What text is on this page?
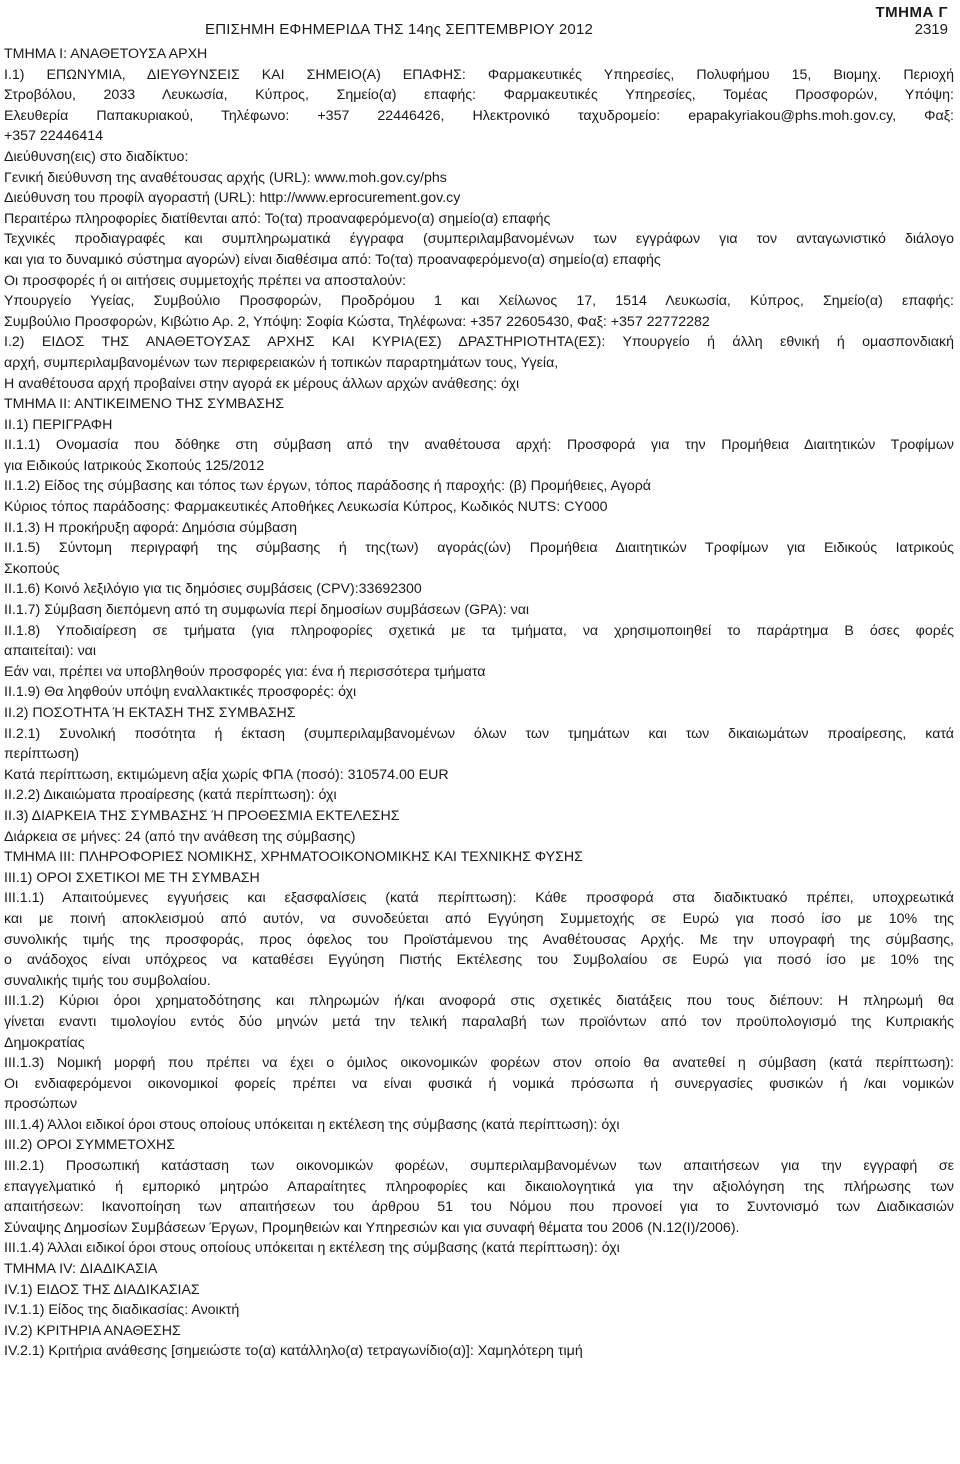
ΤΜΗΜΑ Γ
ΕΠΙΣΗΜΗ ΕΦΗΜΕΡΙΔΑ ΤΗΣ 14ης ΣΕΠΤΕΜΒΡΙΟΥ 2012	2319
ΤΜΗΜΑ Ι: ΑΝΑΘΕΤΟΥΣΑ ΑΡΧΗ
Ι.1) ΕΠΩΝΥΜΙΑ, ΔΙΕΥΘΥΝΣΕΙΣ ΚΑΙ ΣΗΜΕΙΟ(Α) ΕΠΑΦΗΣ: Φαρμακευτικές Υπηρεσίες, Πολυφήμου 15, Βιομηχ. Περιοχή
Στροβόλου, 2033 Λευκωσία, Κύπρος, Σημείο(α) επαφής: Φαρμακευτικές Υπηρεσίες, Τομέας Προσφορών, Υπόψη:
Ελευθερία Παπακυριακού, Τηλέφωνο: +357 22446426, Ηλεκτρονικό ταχυδρομείο: epapakyriakou@phs.moh.gov.cy, Φαξ:
+357 22446414
Διεύθυνση(εις) στο διαδίκτυο:
Γενική διεύθυνση της αναθέτουσας αρχής (URL): www.moh.gov.cy/phs
Διεύθυνση του προφίλ αγοραστή (URL): http://www.eprocurement.gov.cy
Περαιτέρω πληροφορίες διατίθενται από: Το(τα) προαναφερόμενο(α) σημείο(α) επαφής
Τεχνικές προδιαγραφές και συμπληρωματικά έγγραφα (συμπεριλαμβανομένων των εγγράφων για τον ανταγωνιστικό διάλογο
και για το δυναμικό σύστημα αγορών) είναι διαθέσιμα από: Το(τα) προαναφερόμενο(α) σημείο(α) επαφής
Οι προσφορές ή οι αιτήσεις συμμετοχής πρέπει να αποσταλούν:
Υπουργείο Υγείας, Συμβούλιο Προσφορών, Προδρόμου 1 και Χείλωνος 17, 1514 Λευκωσία, Κύπρος, Σημείο(α) επαφής:
Συμβούλιο Προσφορών, Κιβώτιο Αρ. 2, Υπόψη: Σοφία Κώστα, Τηλέφωνα: +357 22605430, Φαξ: +357 22772282
Ι.2) ΕΙΔΟΣ ΤΗΣ ΑΝΑΘΕΤΟΥΣΑΣ ΑΡΧΗΣ ΚΑΙ ΚΥΡΙΑ(ΕΣ) ΔΡΑΣΤΗΡΙΟΤΗΤΑ(ΕΣ): Υπουργείο ή άλλη εθνική ή ομασπονδιακή
αρχή, συμπεριλαμβανομένων των περιφερειακών ή τοπικών παραρτημάτων τους, Υγεία,
Η αναθέτουσα αρχή προβαίνει στην αγορά εκ μέρους άλλων αρχών ανάθεσης: όχι
ΤΜΗΜΑ ΙΙ: ΑΝΤΙΚΕΙΜΕΝΟ ΤΗΣ ΣΥΜΒΑΣΗΣ
ΙΙ.1) ΠΕΡΙΓΡΑΦΗ
ΙΙ.1.1) Ονομασία που δόθηκε στη σύμβαση από την αναθέτουσα αρχή: Προσφορά για την Προμήθεια Διαιτητικών Τροφίμων
για Ειδικούς Ιατρικούς Σκοπούς 125/2012
ΙΙ.1.2) Είδος της σύμβασης και τόπος των έργων, τόπος παράδοσης ή παροχής: (β) Προμήθειες, Αγορά
Κύριος τόπος παράδοσης: Φαρμακευτικές Αποθήκες Λευκωσία Κύπρος, Κωδικός NUTS: CY000
ΙΙ.1.3) Η προκήρυξη αφορά: Δημόσια σύμβαση
ΙΙ.1.5) Σύντομη περιγραφή της σύμβασης ή της(των) αγοράς(ών) Προμήθεια Διαιτητικών Τροφίμων για Ειδικούς Ιατρικούς
Σκοπούς
ΙΙ.1.6) Κοινό λεξιλόγιο για τις δημόσιες συμβάσεις (CPV):33692300
ΙΙ.1.7) Σύμβαση διεπόμενη από τη συμφωνία περί δημοσίων συμβάσεων (GPA): ναι
ΙΙ.1.8) Υποδιαίρεση σε τμήματα (για πληροφορίες σχετικά με τα τμήματα, να χρησιμοποιηθεί το παράρτημα Β όσες φορές
απαιτείται): ναι
Εάν ναι, πρέπει να υποβληθούν προσφορές για: ένα ή περισσότερα τμήματα
ΙΙ.1.9) Θα ληφθούν υπόψη εναλλακτικές προσφορές: όχι
ΙΙ.2) ΠΟΣΟΤΗΤΑ Ή ΕΚΤΑΣΗ ΤΗΣ ΣΥΜΒΑΣΗΣ
ΙΙ.2.1) Συνολική ποσότητα ή έκταση (συμπεριλαμβανομένων όλων των τμημάτων και των δικαιωμάτων προαίρεσης, κατά
περίπτωση)
Κατά περίπτωση, εκτιμώμενη αξία χωρίς ΦΠΑ (ποσό): 310574.00 EUR
ΙΙ.2.2) Δικαιώματα προαίρεσης (κατά περίπτωση): όχι
ΙΙ.3) ΔΙΑΡΚΕΙΑ ΤΗΣ ΣΥΜΒΑΣΗΣ Ή ΠΡΟΘΕΣΜΙΑ ΕΚΤΕΛΕΣΗΣ
Διάρκεια σε μήνες: 24 (από την ανάθεση της σύμβασης)
ΤΜΗΜΑ ΙΙΙ: ΠΛΗΡΟΦΟΡΙΕΣ ΝΟΜΙΚΗΣ, ΧΡΗΜΑΤΟΟΙΚΟΝΟΜΙΚΗΣ ΚΑΙ ΤΕΧΝΙΚΗΣ ΦΥΣΗΣ
ΙΙΙ.1) ΟΡΟΙ ΣΧΕΤΙΚΟΙ ΜΕ ΤΗ ΣΥΜΒΑΣΗ
ΙΙΙ.1.1) Απαιτούμενες εγγυήσεις και εξασφαλίσεις (κατά περίπτωση): Κάθε προσφορά στα διαδικτυακό πρέπει, υποχρεωτικά
και με ποινή αποκλεισμού από αυτόν, να συνοδεύεται από Εγγύηση Συμμετοχής σε Ευρώ για ποσό ίσο με 10% της
συνολικής τιμής της προσφοράς, προς όφελος του Προϊστάμενου της Αναθέτουσας Αρχής. Με την υπογραφή της σύμβασης,
ο ανάδοχος είναι υπόχρεος να καταθέσει Εγγύηση Πιστής Εκτέλεσης του Συμβολαίου σε Ευρώ για ποσό ίσο με 10% της
συναλικής τιμής του συμβολαίου.
ΙΙΙ.1.2) Κύριοι όροι χρηματοδότησης και πληρωμών ή/και ανοφορά στις σχετικές διατάξεις που τους διέπουν: Η πληρωμή θα
γίνεται εναντι τιμολογίου εντός δύο μηνών μετά την τελική παραλαβή των προϊόντων από τον προϋπολογισμό της Κυπριακής
Δημοκρατίας
ΙΙΙ.1.3) Νομική μορφή που πρέπει να έχει ο όμιλος οικονομικών φορέων στον οποίο θα ανατεθεί η σύμβαση (κατά περίπτωση):
Οι ενδιαφερόμενοι οικονομικοί φορείς πρέπει να είναι φυσικά ή νομικά πρόσωπα ή συνεργασίες φυσικών ή /και νομικών
προσώπων
ΙΙΙ.1.4) Άλλοι ειδικοί όροι στους οποίους υπόκειται η εκτέλεση της σύμβασης (κατά περίπτωση): όχι
ΙΙΙ.2) ΟΡΟΙ ΣΥΜΜΕΤΟΧΗΣ
ΙΙΙ.2.1) Προσωπική κατάσταση των οικονομικών φορέων, συμπεριλαμβανομένων των απαιτήσεων για την εγγραφή σε
επαγγελματικό ή εμπορικό μητρώο Απαραίτητες πληροφορίες και δικαιολογητικά για την αξιολόγηση της πλήρωσης των
απαιτήσεων: Ικανοποίηση των απαιτήσεων του άρθρου 51 του Νόμου που προνοεί για το Συντονισμό των Διαδικασιών
Σύναψης Δημοσίων Συμβάσεων Έργων, Προμηθειών και Υπηρεσιών και για συναφή θέματα του 2006 (Ν.12(Ι)/2006).
ΙΙΙ.1.4) Άλλαι ειδικοί όροι στους οποίους υπόκειται η εκτέλεση της σύμβασης (κατά περίπτωση): όχι
ΤΜΗΜΑ IV: ΔΙΑΔΙΚΑΣΙΑ
IV.1) ΕΙΔΟΣ ΤΗΣ ΔΙΑΔΙΚΑΣΙΑΣ
IV.1.1) Είδος της διαδικασίας: Ανοικτή
IV.2) ΚΡΙΤΗΡΙΑ ΑΝΑΘΕΣΗΣ
IV.2.1) Κριτήρια ανάθεσης [σημειώστε το(α) κατάλληλο(α) τετραγωνίδιο(α)]: Χαμηλότερη τιμή
